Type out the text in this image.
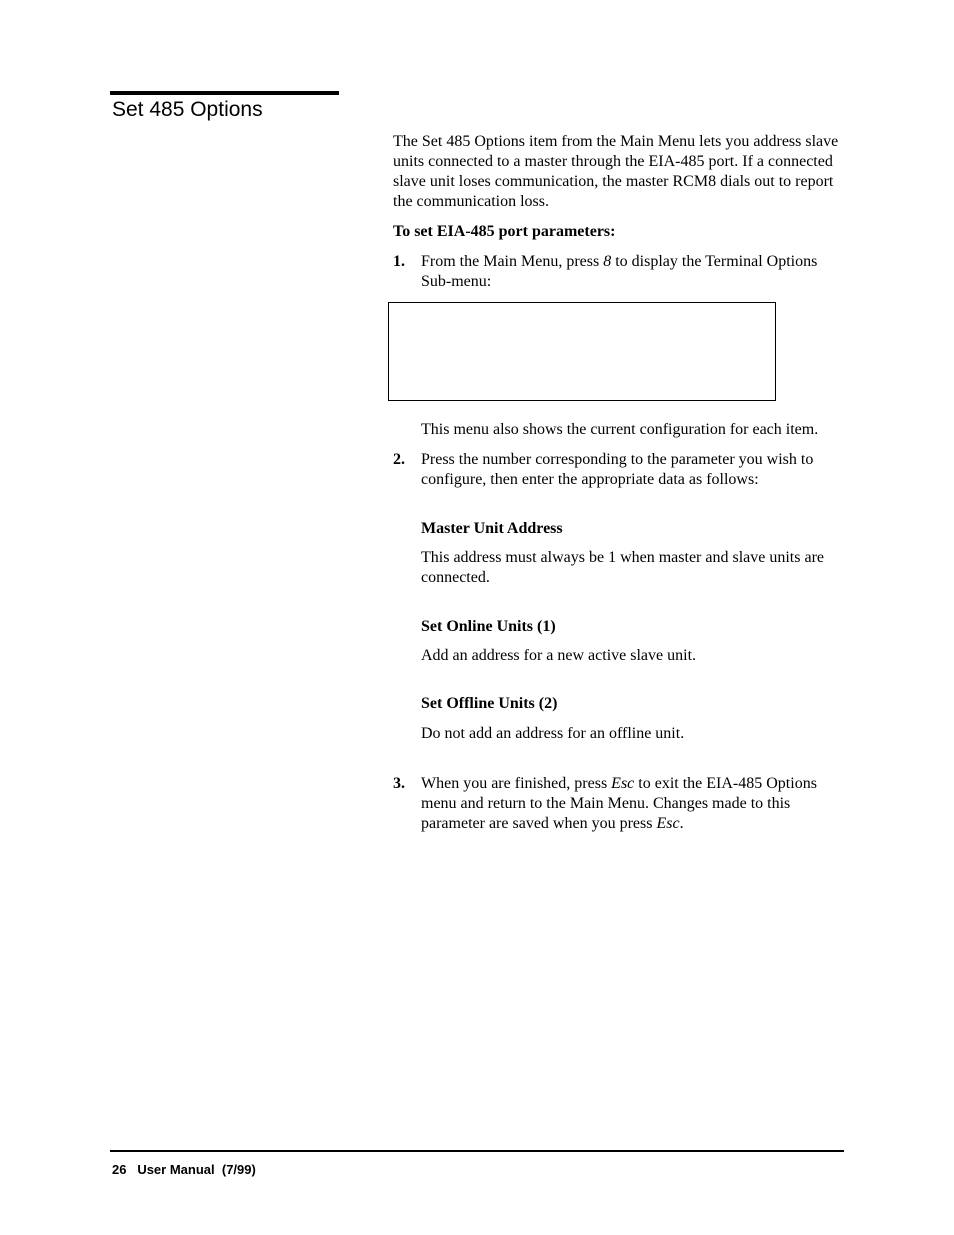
Set 485 Options

The Set 485 Options item from the Main Menu lets you address slave units connected to a master through the EIA-485 port. If a connected slave unit loses communication, the master RCM8 dials out to report the communication loss.

To set EIA-485 port parameters:

1. From the Main Menu, press 8 to display the Terminal Options Sub-menu:

This menu also shows the current configuration for each item.

2. Press the number corresponding to the parameter you wish to configure, then enter the appropriate data as follows:

Master Unit Address

This address must always be 1 when master and slave units are connected.

Set Online Units (1)

Add an address for a new active slave unit.

Set Offline Units (2)

Do not add an address for an offline unit.

3. When you are finished, press Esc to exit the EIA-485 Options menu and return to the Main Menu. Changes made to this parameter are saved when you press Esc.

26 User Manual (7/99)
